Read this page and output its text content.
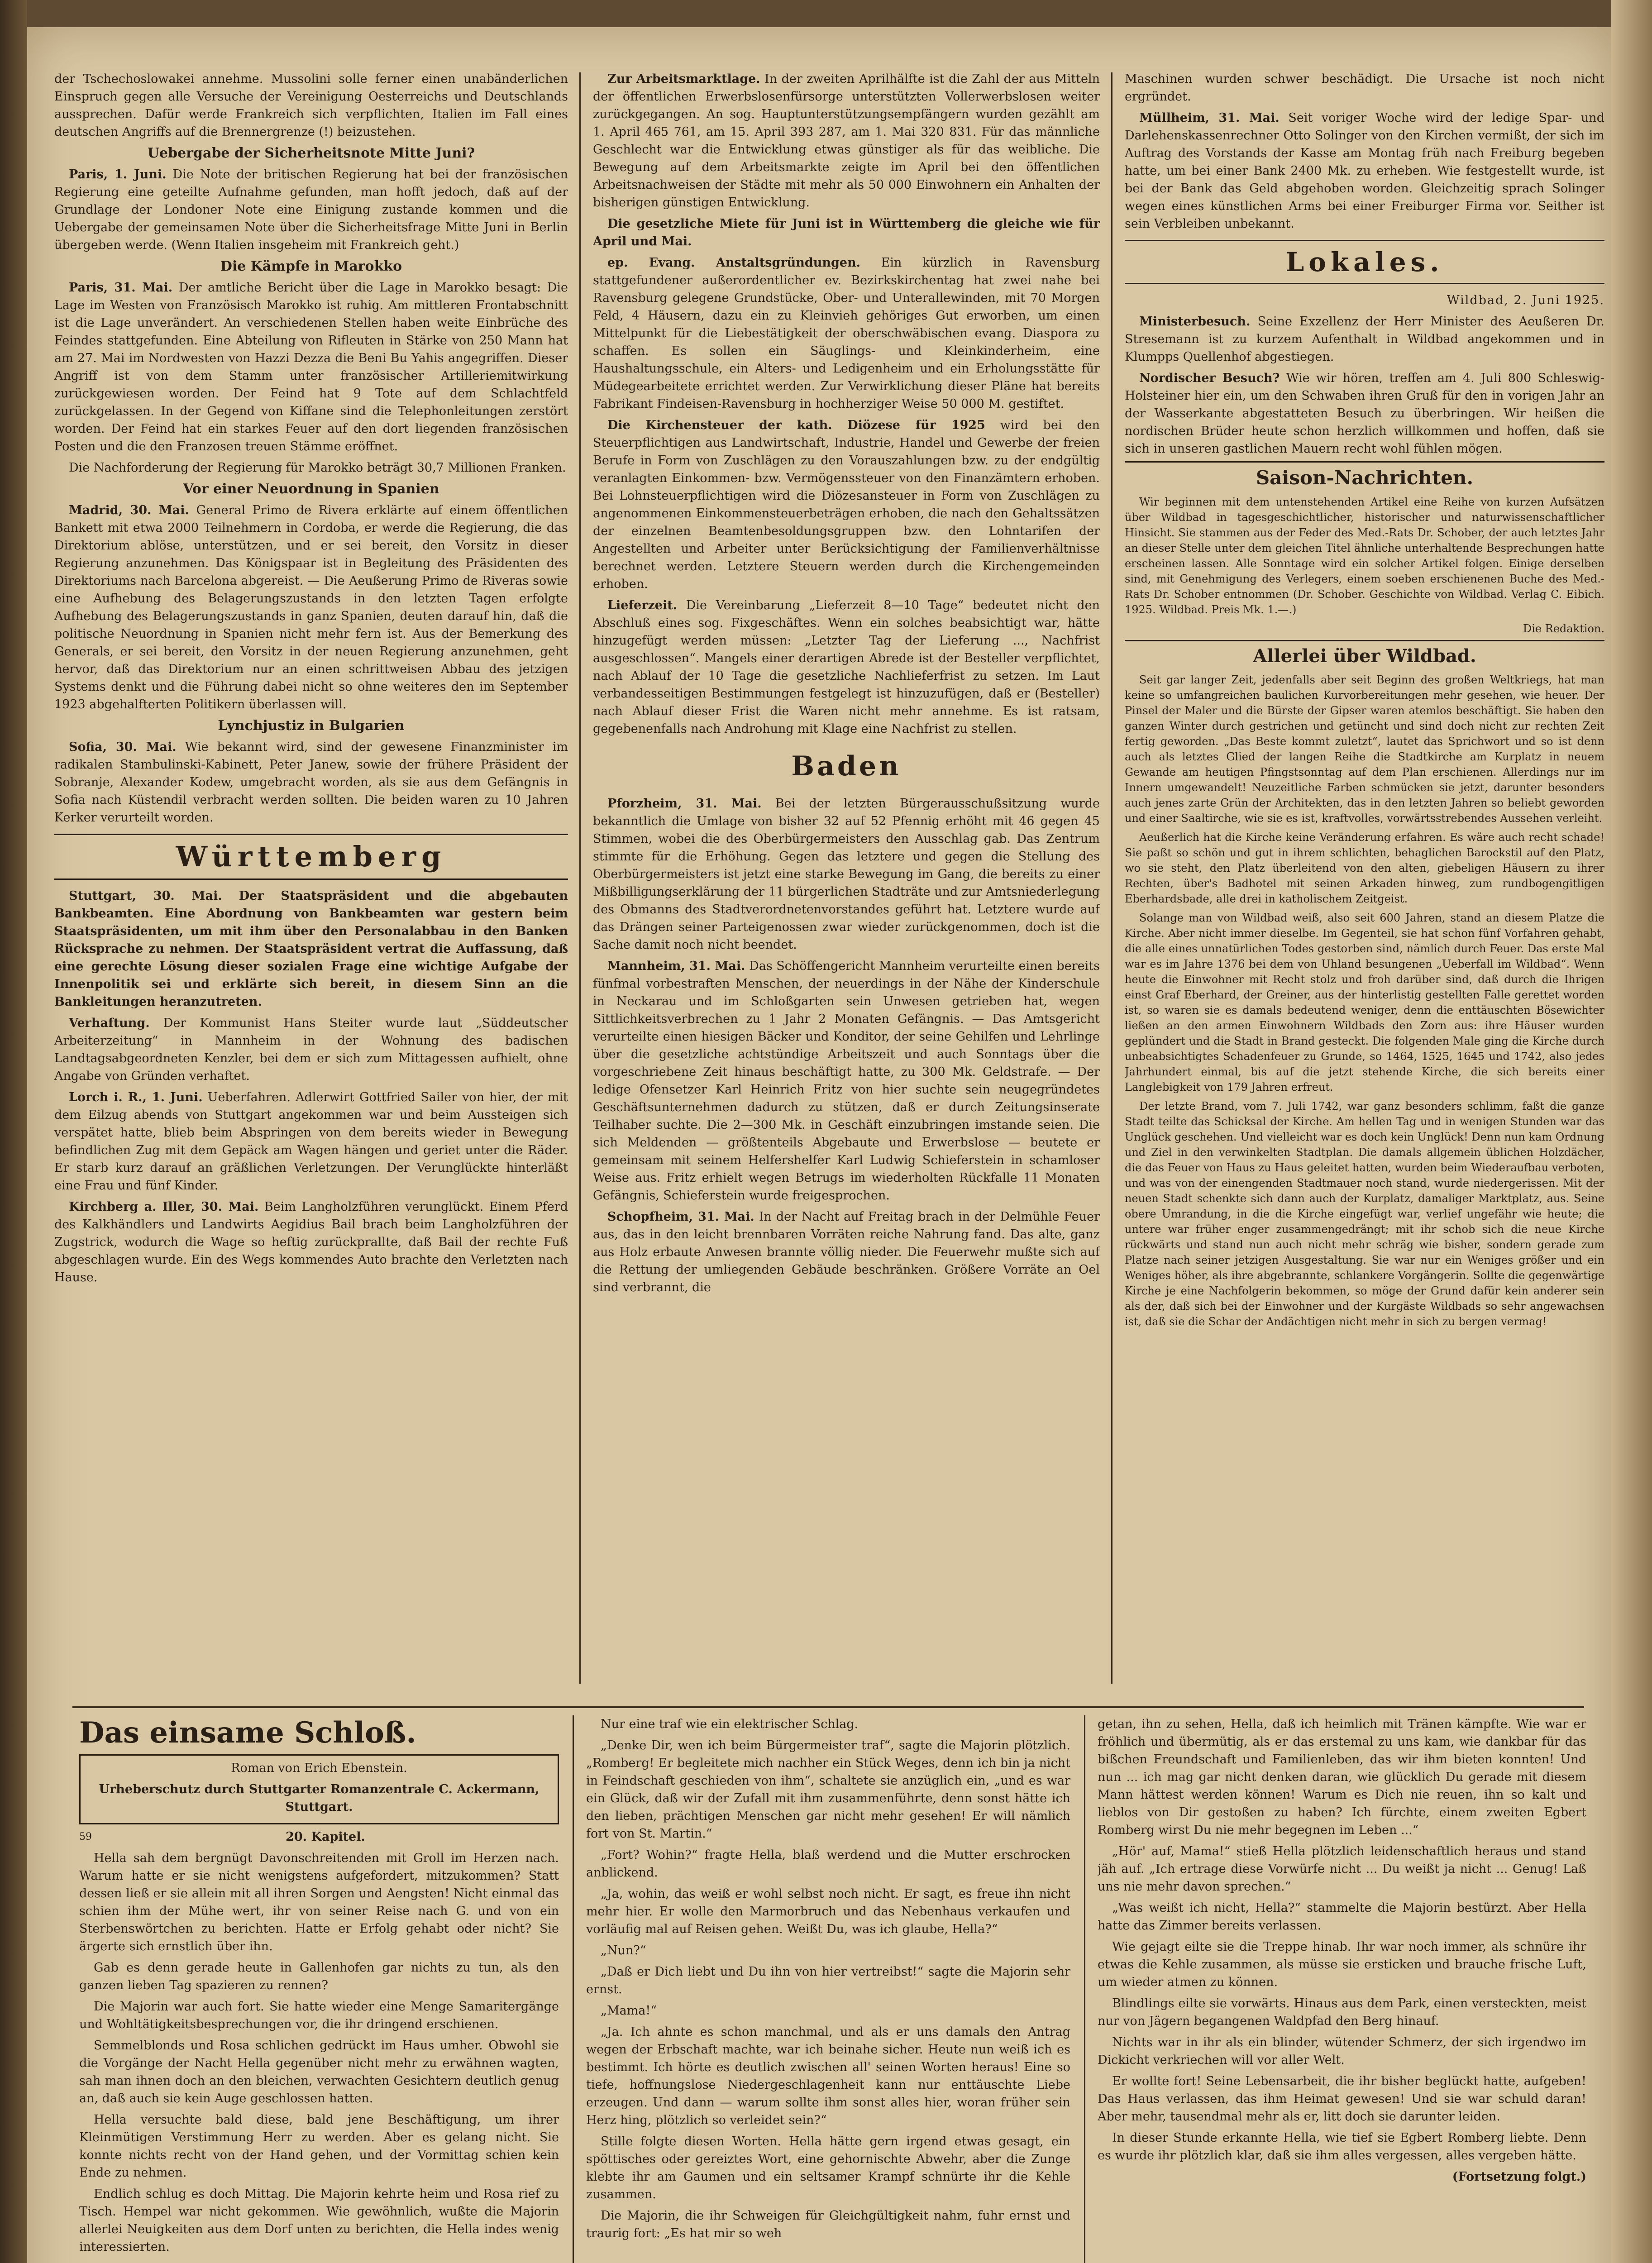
der Tschechoslowakei annehme. Mussolini solle ferner einen unabänderlichen Einspruch gegen alle Versuche der Vereinigung Oesterreichs und Deutschlands aussprechen. Dafür werde Frankreich sich verpflichten, Italien im Fall eines deutschen Angriffs auf die Brennergrenze (!) beizustehen.

Uebergabe der Sicherheitsnote Mitte Juni?

Paris, 1. Juni. Die Note der britischen Regierung hat bei der französischen Regierung eine geteilte Aufnahme gefunden, man hofft jedoch, daß auf der Grundlage der Londoner Note eine Einigung zustande kommen und die Uebergabe der gemeinsamen Note über die Sicherheitsfrage Mitte Juni in Berlin übergeben werde. (Wenn Italien insgeheim mit Frankreich geht.)

Die Kämpfe in Marokko

Paris, 31. Mai. Der amtliche Bericht über die Lage in Marokko besagt: Die Lage im Westen von Französisch Marokko ist ruhig. Am mittleren Frontabschnitt ist die Lage unverändert. An verschiedenen Stellen haben weite Einbrüche des Feindes stattgefunden. Eine Abteilung von Rifleuten in Stärke von 250 Mann hat am 27. Mai im Nordwesten von Hazzi Dezza die Beni Bu Yahis angegriffen. Dieser Angriff ist von dem Stamm unter französischer Artilleriemitwirkung zurückgewiesen worden. Der Feind hat 9 Tote auf dem Schlachtfeld zurückgelassen. In der Gegend von Kiffane sind die Telephonleitungen zerstört worden. Der Feind hat ein starkes Feuer auf den dort liegenden französischen Posten und die den Franzosen treuen Stämme eröffnet.

Die Nachforderung der Regierung für Marokko beträgt 30,7 Millionen Franken.

Vor einer Neuordnung in Spanien

Madrid, 30. Mai. General Primo de Rivera erklärte auf einem öffentlichen Bankett mit etwa 2000 Teilnehmern in Cordoba, er werde die Regierung, die das Direktorium ablöse, unterstützen, und er sei bereit, den Vorsitz in dieser Regierung anzunehmen. Das Königspaar ist in Begleitung des Präsidenten des Direktoriums nach Barcelona abgereist. — Die Aeußerung Primo de Riveras sowie eine Aufhebung des Belagerungszustands in den letzten Tagen erfolgte Aufhebung des Belagerungszustands in ganz Spanien, deuten darauf hin, daß die politische Neuordnung in Spanien nicht mehr fern ist. Aus der Bemerkung des Generals, er sei bereit, den Vorsitz in der neuen Regierung anzunehmen, geht hervor, daß das Direktorium nur an einen schrittweisen Abbau des jetzigen Systems denkt und die Führung dabei nicht so ohne weiteres den im September 1923 abgehalfterten Politikern überlassen will.

Lynchjustiz in Bulgarien

Sofia, 30. Mai. Wie bekannt wird, sind der gewesene Finanzminister im radikalen Stambulinski-Kabinett, Peter Janew, sowie der frühere Präsident der Sobranje, Alexander Kodew, umgebracht worden, als sie aus dem Gefängnis in Sofia nach Küstendil verbracht werden sollten. Die beiden waren zu 10 Jahren Kerker verurteilt worden.

Württemberg

Stuttgart, 30. Mai. Der Staatspräsident und die abgebauten Bankbeamten. Eine Abordnung von Bankbeamten war gestern beim Staatspräsidenten, um mit ihm über den Personalabbau in den Banken Rücksprache zu nehmen. Der Staatspräsident vertrat die Auffassung, daß eine gerechte Lösung dieser sozialen Frage eine wichtige Aufgabe der Innenpolitik sei und erklärte sich bereit, in diesem Sinn an die Bankleitungen heranzutreten.

Verhaftung. Der Kommunist Hans Steiter wurde laut „Süddeutscher Arbeiterzeitung“ in Mannheim in der Wohnung des badischen Landtagsabgeordneten Kenzler, bei dem er sich zum Mittagessen aufhielt, ohne Angabe von Gründen verhaftet.

Lorch i. R., 1. Juni. Ueberfahren. Adlerwirt Gottfried Sailer von hier, der mit dem Eilzug abends von Stuttgart angekommen war und beim Aussteigen sich verspätet hatte, blieb beim Abspringen von dem bereits wieder in Bewegung befindlichen Zug mit dem Gepäck am Wagen hängen und geriet unter die Räder. Er starb kurz darauf an gräßlichen Verletzungen. Der Verunglückte hinterläßt eine Frau und fünf Kinder.

Kirchberg a. Iller, 30. Mai. Beim Langholzführen verunglückt. Einem Pferd des Kalkhändlers und Landwirts Aegidius Bail brach beim Langholzführen der Zugstrick, wodurch die Wage so heftig zurückprallte, daß Bail der rechte Fuß abgeschlagen wurde. Ein des Wegs kommendes Auto brachte den Verletzten nach Hause.

Zur Arbeitsmarktlage. In der zweiten Aprilhälfte ist die Zahl der aus Mitteln der öffentlichen Erwerbslosenfürsorge unterstützten Vollerwerbslosen weiter zurückgegangen. An sog. Hauptunterstützungsempfängern wurden gezählt am 1. April 465 761, am 15. April 393 287, am 1. Mai 320 831. Für das männliche Geschlecht war die Entwicklung etwas günstiger als für das weibliche. Die Bewegung auf dem Arbeitsmarkte zeigte im April bei den öffentlichen Arbeitsnachweisen der Städte mit mehr als 50 000 Einwohnern ein Anhalten der bisherigen günstigen Entwicklung.

Die gesetzliche Miete für Juni ist in Württemberg die gleiche wie für April und Mai.

ep. Evang. Anstaltsgründungen. Ein kürzlich in Ravensburg stattgefundener außerordentlicher ev. Bezirkskirchentag hat zwei nahe bei Ravensburg gelegene Grundstücke, Ober- und Unterallewinden, mit 70 Morgen Feld, 4 Häusern, dazu ein zu Kleinvieh gehöriges Gut erworben, um einen Mittelpunkt für die Liebestätigkeit der oberschwäbischen evang. Diaspora zu schaffen. Es sollen ein Säuglings- und Kleinkinderheim, eine Haushaltungsschule, ein Alters- und Ledigenheim und ein Erholungsstätte für Müdegearbeitete errichtet werden. Zur Verwirklichung dieser Pläne hat bereits Fabrikant Findeisen-Ravensburg in hochherziger Weise 50 000 M. gestiftet.

Die Kirchensteuer der kath. Diözese für 1925 wird bei den Steuerpflichtigen aus Landwirtschaft, Industrie, Handel und Gewerbe der freien Berufe in Form von Zuschlägen zu den Vorauszahlungen bzw. zu der endgültig veranlagten Einkommen- bzw. Vermögenssteuer von den Finanzämtern erhoben. Bei Lohnsteuerpflichtigen wird die Diözesansteuer in Form von Zuschlägen zu angenommenen Einkommensteuerbeträgen erhoben, die nach den Gehaltssätzen der einzelnen Beamtenbesoldungsgruppen bzw. den Lohntarifen der Angestellten und Arbeiter unter Berücksichtigung der Familienverhältnisse berechnet werden. Letztere Steuern werden durch die Kirchengemeinden erhoben.

Lieferzeit. Die Vereinbarung „Lieferzeit 8—10 Tage“ bedeutet nicht den Abschluß eines sog. Fixgeschäftes. Wenn ein solches beabsichtigt war, hätte hinzugefügt werden müssen: „Letzter Tag der Lieferung ..., Nachfrist ausgeschlossen“. Mangels einer derartigen Abrede ist der Besteller verpflichtet, nach Ablauf der 10 Tage die gesetzliche Nachlieferfrist zu setzen. Im Laut verbandesseitigen Bestimmungen festgelegt ist hinzuzufügen, daß er (Besteller) nach Ablauf dieser Frist die Waren nicht mehr annehme. Es ist ratsam, gegebenenfalls nach Androhung mit Klage eine Nachfrist zu stellen.

Baden

Pforzheim, 31. Mai. Bei der letzten Bürgerausschußsitzung wurde bekanntlich die Umlage von bisher 32 auf 52 Pfennig erhöht mit 46 gegen 45 Stimmen, wobei die des Oberbürgermeisters den Ausschlag gab. Das Zentrum stimmte für die Erhöhung. Gegen das letztere und gegen die Stellung des Oberbürgermeisters ist jetzt eine starke Bewegung im Gang, die bereits zu einer Mißbilligungserklärung der 11 bürgerlichen Stadträte und zur Amtsniederlegung des Obmanns des Stadtverordnetenvorstandes geführt hat. Letztere wurde auf das Drängen seiner Parteigenossen zwar wieder zurückgenommen, doch ist die Sache damit noch nicht beendet.

Mannheim, 31. Mai. Das Schöffengericht Mannheim verurteilte einen bereits fünfmal vorbestraften Menschen, der neuerdings in der Nähe der Kinderschule in Neckarau und im Schloßgarten sein Unwesen getrieben hat, wegen Sittlichkeitsverbrechen zu 1 Jahr 2 Monaten Gefängnis. — Das Amtsgericht verurteilte einen hiesigen Bäcker und Konditor, der seine Gehilfen und Lehrlinge über die gesetzliche achtstündige Arbeitszeit und auch Sonntags über die vorgeschriebene Zeit hinaus beschäftigt hatte, zu 300 Mk. Geldstrafe. — Der ledige Ofensetzer Karl Heinrich Fritz von hier suchte sein neugegründetes Geschäftsunternehmen dadurch zu stützen, daß er durch Zeitungsinserate Teilhaber suchte. Die 2—300 Mk. in Geschäft einzubringen imstande seien. Die sich Meldenden — größtenteils Abgebaute und Erwerbslose — beutete er gemeinsam mit seinem Helfershelfer Karl Ludwig Schieferstein in schamloser Weise aus. Fritz erhielt wegen Betrugs im wiederholten Rückfalle 11 Monaten Gefängnis, Schieferstein wurde freigesprochen.

Schopfheim, 31. Mai. In der Nacht auf Freitag brach in der Delmühle Feuer aus, das in den leicht brennbaren Vorräten reiche Nahrung fand. Das alte, ganz aus Holz erbaute Anwesen brannte völlig nieder. Die Feuerwehr mußte sich auf die Rettung der umliegenden Gebäude beschränken. Größere Vorräte an Oel sind verbrannt, die

Maschinen wurden schwer beschädigt. Die Ursache ist noch nicht ergründet.

Müllheim, 31. Mai. Seit voriger Woche wird der ledige Spar- und Darlehenskassenrechner Otto Solinger von den Kirchen vermißt, der sich im Auftrag des Vorstands der Kasse am Montag früh nach Freiburg begeben hatte, um bei einer Bank 2400 Mk. zu erheben. Wie festgestellt wurde, ist bei der Bank das Geld abgehoben worden. Gleichzeitig sprach Solinger wegen eines künstlichen Arms bei einer Freiburger Firma vor. Seither ist sein Verbleiben unbekannt.

Lokales.

Wildbad, 2. Juni 1925.

Ministerbesuch. Seine Exzellenz der Herr Minister des Aeußeren Dr. Stresemann ist zu kurzem Aufenthalt in Wildbad angekommen und in Klumpps Quellenhof abgestiegen.

Nordischer Besuch? Wie wir hören, treffen am 4. Juli 800 Schleswig-Holsteiner hier ein, um den Schwaben ihren Gruß für den in vorigen Jahr an der Wasserkante abgestatteten Besuch zu überbringen. Wir heißen die nordischen Brüder heute schon herzlich willkommen und hoffen, daß sie sich in unseren gastlichen Mauern recht wohl fühlen mögen.

Saison-Nachrichten.

Wir beginnen mit dem untenstehenden Artikel eine Reihe von kurzen Aufsätzen über Wildbad in tagesgeschichtlicher, historischer und naturwissenschaftlicher Hinsicht. Sie stammen aus der Feder des Med.-Rats Dr. Schober, der auch letztes Jahr an dieser Stelle unter dem gleichen Titel ähnliche unterhaltende Besprechungen hatte erscheinen lassen. Alle Sonntage wird ein solcher Artikel folgen. Einige derselben sind, mit Genehmigung des Verlegers, einem soeben erschienenen Buche des Med.-Rats Dr. Schober entnommen (Dr. Schober. Geschichte von Wildbad. Verlag C. Eibich. 1925. Wildbad. Preis Mk. 1.—.)

Die Redaktion.

Allerlei über Wildbad.

Seit gar langer Zeit, jedenfalls aber seit Beginn des großen Weltkriegs, hat man keine so umfangreichen baulichen Kurvorbereitungen mehr gesehen, wie heuer. Der Pinsel der Maler und die Bürste der Gipser waren atemlos beschäftigt. Sie haben den ganzen Winter durch gestrichen und getüncht und sind doch nicht zur rechten Zeit fertig geworden. „Das Beste kommt zuletzt“, lautet das Sprichwort und so ist denn auch als letztes Glied der langen Reihe die Stadtkirche am Kurplatz in neuem Gewande am heutigen Pfingstsonntag auf dem Plan erschienen. Allerdings nur im Innern umgewandelt! Neuzeitliche Farben schmücken sie jetzt, darunter besonders auch jenes zarte Grün der Architekten, das in den letzten Jahren so beliebt geworden und einer Saaltirche, wie sie es ist, kraftvolles, vorwärtsstrebendes Aussehen verleiht.

Aeußerlich hat die Kirche keine Veränderung erfahren. Es wäre auch recht schade! Sie paßt so schön und gut in ihrem schlichten, behaglichen Barockstil auf den Platz, wo sie steht, den Platz überleitend von den alten, giebeligen Häusern zu ihrer Rechten, über's Badhotel mit seinen Arkaden hinweg, zum rundbogengitligen Eberhardsbade, alle drei in katholischem Zeitgeist.

Solange man von Wildbad weiß, also seit 600 Jahren, stand an diesem Platze die Kirche. Aber nicht immer dieselbe. Im Gegenteil, sie hat schon fünf Vorfahren gehabt, die alle eines unnatürlichen Todes gestorben sind, nämlich durch Feuer. Das erste Mal war es im Jahre 1376 bei dem von Uhland besungenen „Ueberfall im Wildbad“. Wenn heute die Einwohner mit Recht stolz und froh darüber sind, daß durch die Ihrigen einst Graf Eberhard, der Greiner, aus der hinterlistig gestellten Falle gerettet worden ist, so waren sie es damals bedeutend weniger, denn die enttäuschten Bösewichter ließen an den armen Einwohnern Wildbads den Zorn aus: ihre Häuser wurden geplündert und die Stadt in Brand gesteckt. Die folgenden Male ging die Kirche durch unbeabsichtigtes Schadenfeuer zu Grunde, so 1464, 1525, 1645 und 1742, also jedes Jahrhundert einmal, bis auf die jetzt stehende Kirche, die sich bereits einer Langlebigkeit von 179 Jahren erfreut.

Der letzte Brand, vom 7. Juli 1742, war ganz besonders schlimm, faßt die ganze Stadt teilte das Schicksal der Kirche. Am hellen Tag und in wenigen Stunden war das Unglück geschehen. Und vielleicht war es doch kein Unglück! Denn nun kam Ordnung und Ziel in den verwinkelten Stadtplan. Die damals allgemein üblichen Holzdächer, die das Feuer von Haus zu Haus geleitet hatten, wurden beim Wiederaufbau verboten, und was von der einengenden Stadtmauer noch stand, wurde niedergerissen. Mit der neuen Stadt schenkte sich dann auch der Kurplatz, damaliger Marktplatz, aus. Seine obere Umrandung, in die die Kirche eingefügt war, verlief ungefähr wie heute; die untere war früher enger zusammengedrängt; mit ihr schob sich die neue Kirche rückwärts und stand nun auch nicht mehr schräg wie bisher, sondern gerade zum Platze nach seiner jetzigen Ausgestaltung. Sie war nur ein Weniges größer und ein Weniges höher, als ihre abgebrannte, schlankere Vorgängerin. Sollte die gegenwärtige Kirche je eine Nachfolgerin bekommen, so möge der Grund dafür kein anderer sein als der, daß sich bei der Einwohner und der Kurgäste Wildbads so sehr angewachsen ist, daß sie die Schar der Andächtigen nicht mehr in sich zu bergen vermag!

Das einsame Schloß.

Roman von Erich Ebenstein.

Urheberschutz durch Stuttgarter Romanzentrale C. Ackermann, Stuttgart.

59	20. Kapitel.

Hella sah dem bergnügt Davonschreitenden mit Groll im Herzen nach. Warum hatte er sie nicht wenigstens aufgefordert, mitzukommen? Statt dessen ließ er sie allein mit all ihren Sorgen und Aengsten! Nicht einmal das schien ihm der Mühe wert, ihr von seiner Reise nach G. und von ein Sterbenswörtchen zu berichten. Hatte er Erfolg gehabt oder nicht? Sie ärgerte sich ernstlich über ihn.

Gab es denn gerade heute in Gallenhofen gar nichts zu tun, als den ganzen lieben Tag spazieren zu rennen?

Die Majorin war auch fort. Sie hatte wieder eine Menge Samaritergänge und Wohltätigkeitsbesprechungen vor, die ihr dringend erschienen.

Semmelblonds und Rosa schlichen gedrückt im Haus umher. Obwohl sie die Vorgänge der Nacht Hella gegenüber nicht mehr zu erwähnen wagten, sah man ihnen doch an den bleichen, verwachten Gesichtern deutlich genug an, daß auch sie kein Auge geschlossen hatten.

Hella versuchte bald diese, bald jene Beschäftigung, um ihrer Kleinmütigen Verstimmung Herr zu werden. Aber es gelang nicht. Sie konnte nichts recht von der Hand gehen, und der Vormittag schien kein Ende zu nehmen.

Endlich schlug es doch Mittag. Die Majorin kehrte heim und Rosa rief zu Tisch. Hempel war nicht gekommen. Wie gewöhnlich, wußte die Majorin allerlei Neuigkeiten aus dem Dorf unten zu berichten, die Hella indes wenig interessierten.

Nur eine traf wie ein elektrischer Schlag.

„Denke Dir, wen ich beim Bürgermeister traf“, sagte die Majorin plötzlich. „Romberg! Er begleitete mich nachher ein Stück Weges, denn ich bin ja nicht in Feindschaft geschieden von ihm“, schaltete sie anzüglich ein, „und es war ein Glück, daß wir der Zufall mit ihm zusammenführte, denn sonst hätte ich den lieben, prächtigen Menschen gar nicht mehr gesehen! Er will nämlich fort von St. Martin.“

„Fort? Wohin?“ fragte Hella, blaß werdend und die Mutter erschrocken anblickend.

„Ja, wohin, das weiß er wohl selbst noch nicht. Er sagt, es freue ihn nicht mehr hier. Er wolle den Marmorbruch und das Nebenhaus verkaufen und vorläufig mal auf Reisen gehen. Weißt Du, was ich glaube, Hella?“

„Nun?“

„Daß er Dich liebt und Du ihn von hier vertreibst!“ sagte die Majorin sehr ernst.

„Mama!“

„Ja. Ich ahnte es schon manchmal, und als er uns damals den Antrag wegen der Erbschaft machte, war ich beinahe sicher. Heute nun weiß ich es bestimmt. Ich hörte es deutlich zwischen all' seinen Worten heraus! Eine so tiefe, hoffnungslose Niedergeschlagenheit kann nur enttäuschte Liebe erzeugen. Und dann — warum sollte ihm sonst alles hier, woran früher sein Herz hing, plötzlich so verleidet sein?“

Stille folgte diesen Worten. Hella hätte gern irgend etwas gesagt, ein spöttisches oder gereiztes Wort, eine gehornischte Abwehr, aber die Zunge klebte ihr am Gaumen und ein seltsamer Krampf schnürte ihr die Kehle zusammen.

Die Majorin, die ihr Schweigen für Gleichgültigkeit nahm, fuhr ernst und traurig fort: „Es hat mir so weh

getan, ihn zu sehen, Hella, daß ich heimlich mit Tränen kämpfte. Wie war er fröhlich und übermütig, als er das erstemal zu uns kam, wie dankbar für das bißchen Freundschaft und Familienleben, das wir ihm bieten konnten! Und nun ... ich mag gar nicht denken daran, wie glücklich Du gerade mit diesem Mann hättest werden können! Warum es Dich nie reuen, ihn so kalt und lieblos von Dir gestoßen zu haben? Ich fürchte, einem zweiten Egbert Romberg wirst Du nie mehr begegnen im Leben ...“

„Hör' auf, Mama!“ stieß Hella plötzlich leidenschaftlich heraus und stand jäh auf. „Ich ertrage diese Vorwürfe nicht ... Du weißt ja nicht ... Genug! Laß uns nie mehr davon sprechen.“

„Was weißt ich nicht, Hella?“ stammelte die Majorin bestürzt. Aber Hella hatte das Zimmer bereits verlassen.

Wie gejagt eilte sie die Treppe hinab. Ihr war noch immer, als schnüre ihr etwas die Kehle zusammen, als müsse sie ersticken und brauche frische Luft, um wieder atmen zu können.

Blindlings eilte sie vorwärts. Hinaus aus dem Park, einen versteckten, meist nur von Jägern begangenen Waldpfad den Berg hinauf.

Nichts war in ihr als ein blinder, wütender Schmerz, der sich irgendwo im Dickicht verkriechen will vor aller Welt.

Er wollte fort! Seine Lebensarbeit, die ihr bisher beglückt hatte, aufgeben! Das Haus verlassen, das ihm Heimat gewesen! Und sie war schuld daran! Aber mehr, tausendmal mehr als er, litt doch sie darunter leiden.

In dieser Stunde erkannte Hella, wie tief sie Egbert Romberg liebte. Denn es wurde ihr plötzlich klar, daß sie ihm alles vergessen, alles vergeben hätte.

(Fortsetzung folgt.)
